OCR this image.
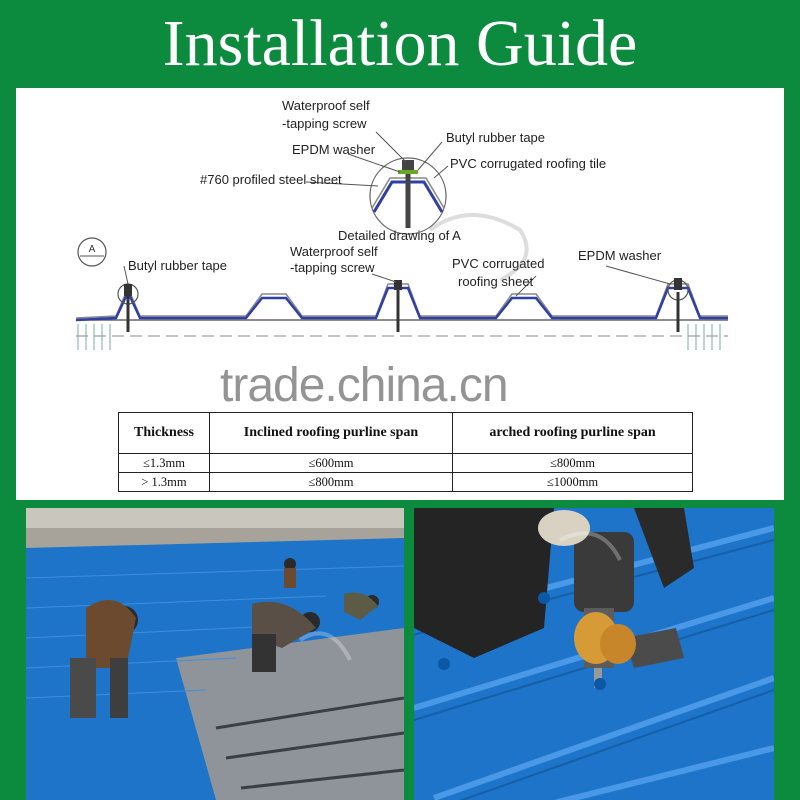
Installation Guide
A
Waterproof self
-tapping screw
EPDM washer
Butyl rubber tape
PVC corrugated roofing tile
#760 profiled steel sheet
Detailed drawing of A
Butyl rubber tape
Waterproof self
-tapping screw	PVC corrugated
roofing sheet
EPDM washer
Thickness	Inclined roofing purline span	arched roofing purline span
≤1.3mm	≤600mm	≤800mm
> 1.3mm	≤800mm	≤1000mm
trade.china.cn
